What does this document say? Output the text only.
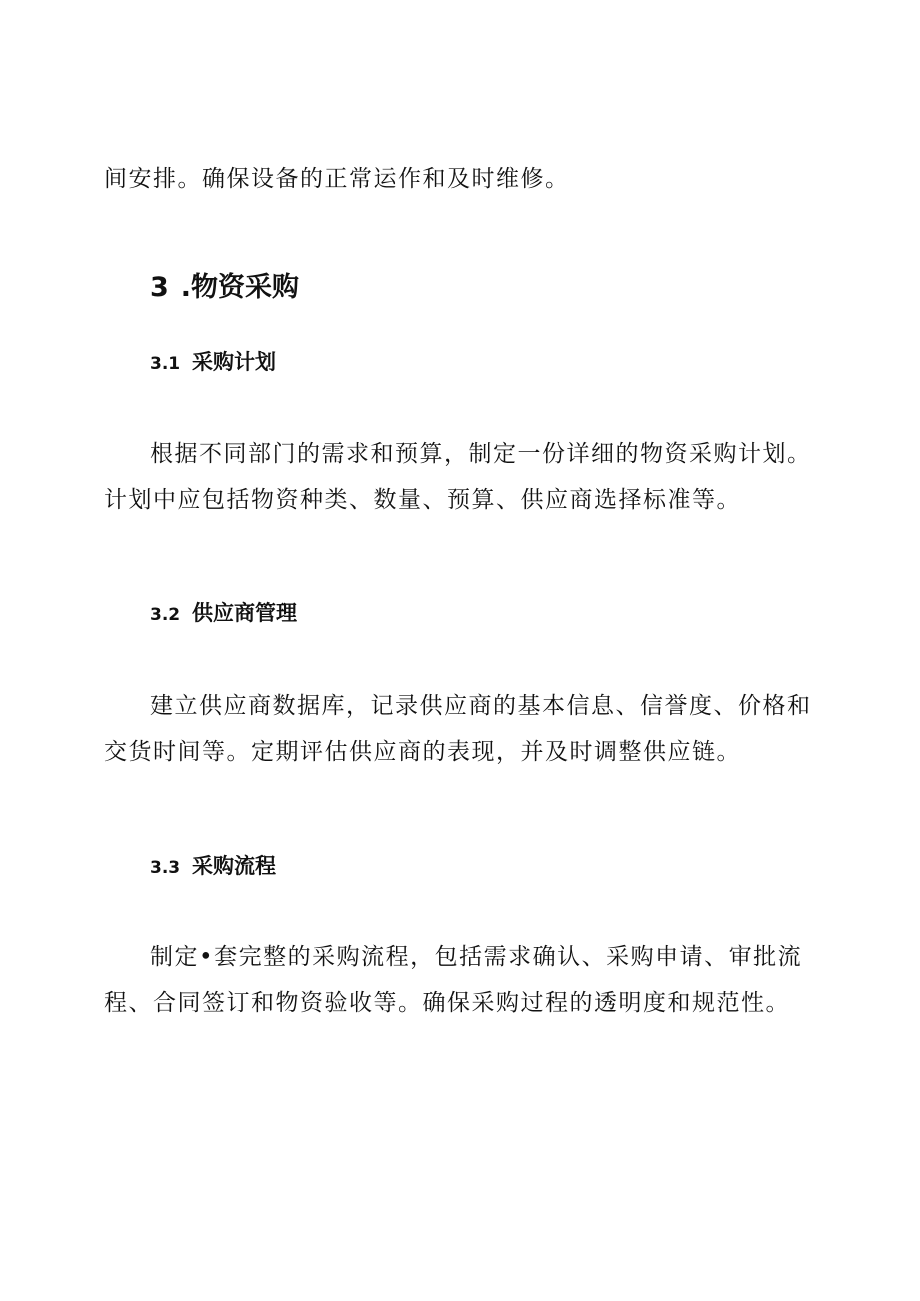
间安排。确保设备的正常运作和及时维修。

3 .物资采购
3.1 采购计划

根据不同部门的需求和预算，制定一份详细的物资采购计划。计划中应包括物资种类、数量、预算、供应商选择标准等。

3.2 供应商管理

建立供应商数据库，记录供应商的基本信息、信誉度、价格和交货时间等。定期评估供应商的表现，并及时调整供应链。

3.3 采购流程

制定•套完整的采购流程，包括需求确认、采购申请、审批流程、合同签订和物资验收等。确保采购过程的透明度和规范性。
